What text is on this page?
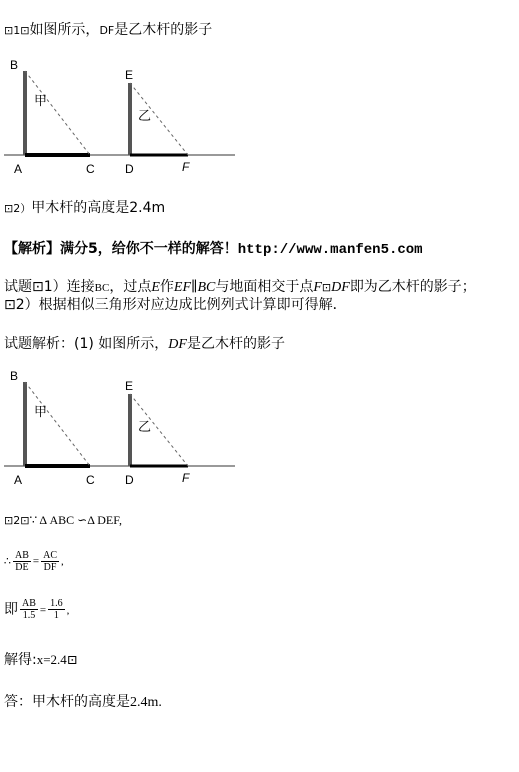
⊡1⊡如图所示，DF是乙木杆的影子
B
甲
A	C
E
乙
D	F
⊡2）甲木杆的高度是2.4m
【解析】满分5，给你不一样的解答！http://www.manfen5.com
试题⊡1）连接BC，过点E作EF∥BC与地面相交于点F⊡DF即为乙木杆的影子；
⊡2）根据相似三角形对应边成比例列式计算即可得解．
试题解析：(1) 如图所示，DF是乙木杆的影子
B
甲
A	C
E
乙
D	F
⊡2⊡∵ Δ ABC ∽Δ DEF,
∴ $\frac{AB}{DE} = \frac{AC}{DF}$ ,
即 $\frac{AB}{1.5} = \frac{1.6}{1}$ ,
解得:x=2.4⊡
答：甲木杆的高度是2.4m.
